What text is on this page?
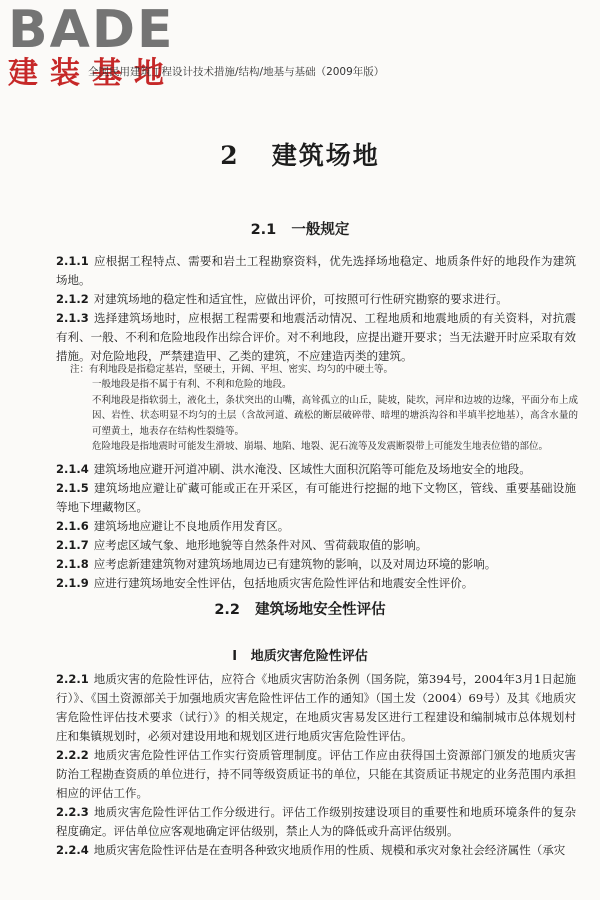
BADE
建装基地
全国民用建筑工程设计技术措施/结构/地基与基础（2009年版）
2 建筑场地
2.1 一般规定

2.1.1 应根据工程特点、需要和岩土工程勘察资料，优先选择场地稳定、地质条件好的地段作为建筑场地。

2.1.2 对建筑场地的稳定性和适宜性，应做出评价，可按照可行性研究勘察的要求进行。

2.1.3 选择建筑场地时，应根据工程需要和地震活动情况、工程地质和地震地质的有关资料，对抗震有利、一般、不利和危险地段作出综合评价。对不利地段，应提出避开要求；当无法避开时应采取有效措施。对危险地段，严禁建造甲、乙类的建筑，不应建造丙类的建筑。

注：有利地段是指稳定基岩，坚硬土，开阔、平坦、密实、均匀的中硬土等。

一般地段是指不属于有利、不利和危险的地段。

不利地段是指软弱土，液化土，条状突出的山嘴，高耸孤立的山丘，陡坡，陡坎，河岸和边坡的边缘，平面分布上成因、岩性、状态明显不均匀的土层（含故河道、疏松的断层破碎带、暗埋的塘浜沟谷和半填半挖地基），高含水量的可塑黄土，地表存在结构性裂缝等。

危险地段是指地震时可能发生滑坡、崩塌、地陷、地裂、泥石流等及发震断裂带上可能发生地表位错的部位。

2.1.4 建筑场地应避开河道冲刷、洪水淹没、区域性大面积沉陷等可能危及场地安全的地段。

2.1.5 建筑场地应避让矿藏可能或正在开采区，有可能进行挖掘的地下文物区，管线、重要基础设施等地下埋藏物区。

2.1.6 建筑场地应避让不良地质作用发育区。

2.1.7 应考虑区域气象、地形地貌等自然条件对风、雪荷载取值的影响。

2.1.8 应考虑新建建筑物对建筑场地周边已有建筑物的影响，以及对周边环境的影响。

2.1.9 应进行建筑场地安全性评估，包括地质灾害危险性评估和地震安全性评价。

2.2 建筑场地安全性评估
Ⅰ 地质灾害危险性评估

2.2.1 地质灾害的危险性评估，应符合《地质灾害防治条例（国务院，第394号，2004年3月1日起施行）》、《国土资源部关于加强地质灾害危险性评估工作的通知》（国土发（2004）69号）及其《地质灾害危险性评估技术要求（试行）》的相关规定，在地质灾害易发区进行工程建设和编制城市总体规划村庄和集镇规划时，必须对建设用地和规划区进行地质灾害危险性评估。

2.2.2 地质灾害危险性评估工作实行资质管理制度。评估工作应由获得国土资源部门颁发的地质灾害防治工程勘查资质的单位进行，持不同等级资质证书的单位，只能在其资质证书规定的业务范围内承担相应的评估工作。

2.2.3 地质灾害危险性评估工作分级进行。评估工作级别按建设项目的重要性和地质环境条件的复杂程度确定。评估单位应客观地确定评估级别，禁止人为的降低或升高评估级别。

2.2.4 地质灾害危险性评估是在查明各种致灾地质作用的性质、规模和承灾对象社会经济属性（承灾
